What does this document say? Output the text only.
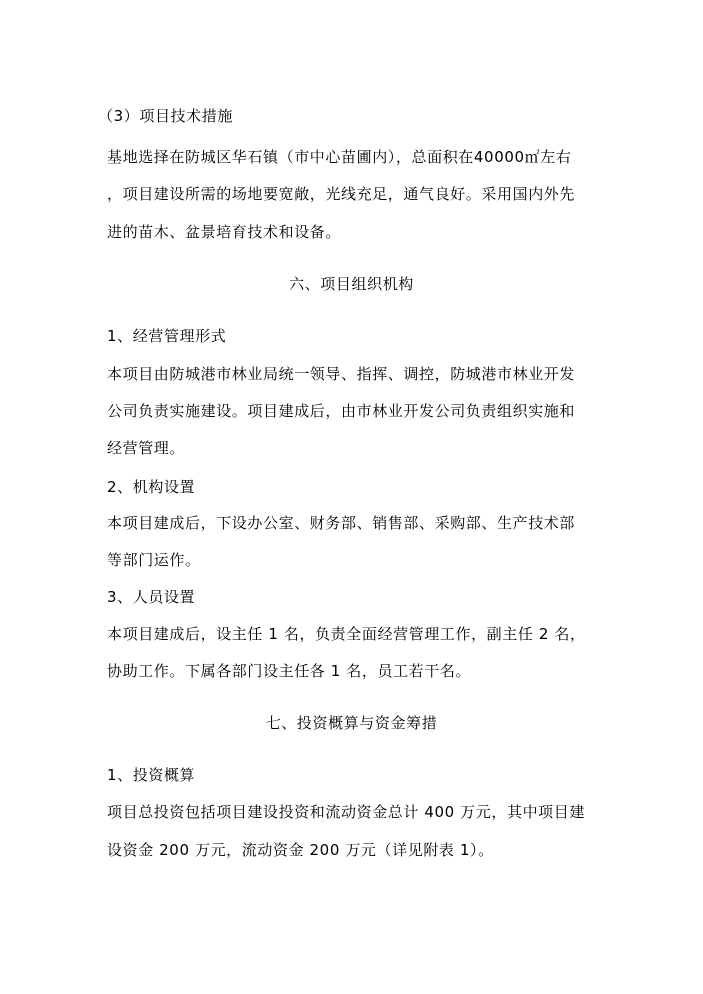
（3）项目技术措施
基地选择在防城区华石镇（市中心苗圃内），总面积在40000㎡左右
，项目建设所需的场地要宽敞，光线充足，通气良好。采用国内外先
进的苗木、盆景培育技术和设备。
六、项目组织机构
1、经营管理形式
本项目由防城港市林业局统一领导、指挥、调控，防城港市林业开发
公司负责实施建设。项目建成后，由市林业开发公司负责组织实施和
经营管理。
2、机构设置
本项目建成后，下设办公室、财务部、销售部、采购部、生产技术部
等部门运作。
3、人员设置
本项目建成后，设主任 1 名，负责全面经营管理工作，副主任 2 名，
协助工作。下属各部门设主任各 1 名，员工若干名。
七、投资概算与资金筹措
1、投资概算
项目总投资包括项目建设投资和流动资金总计 400 万元，其中项目建
设资金 200 万元，流动资金 200 万元（详见附表 1）。
